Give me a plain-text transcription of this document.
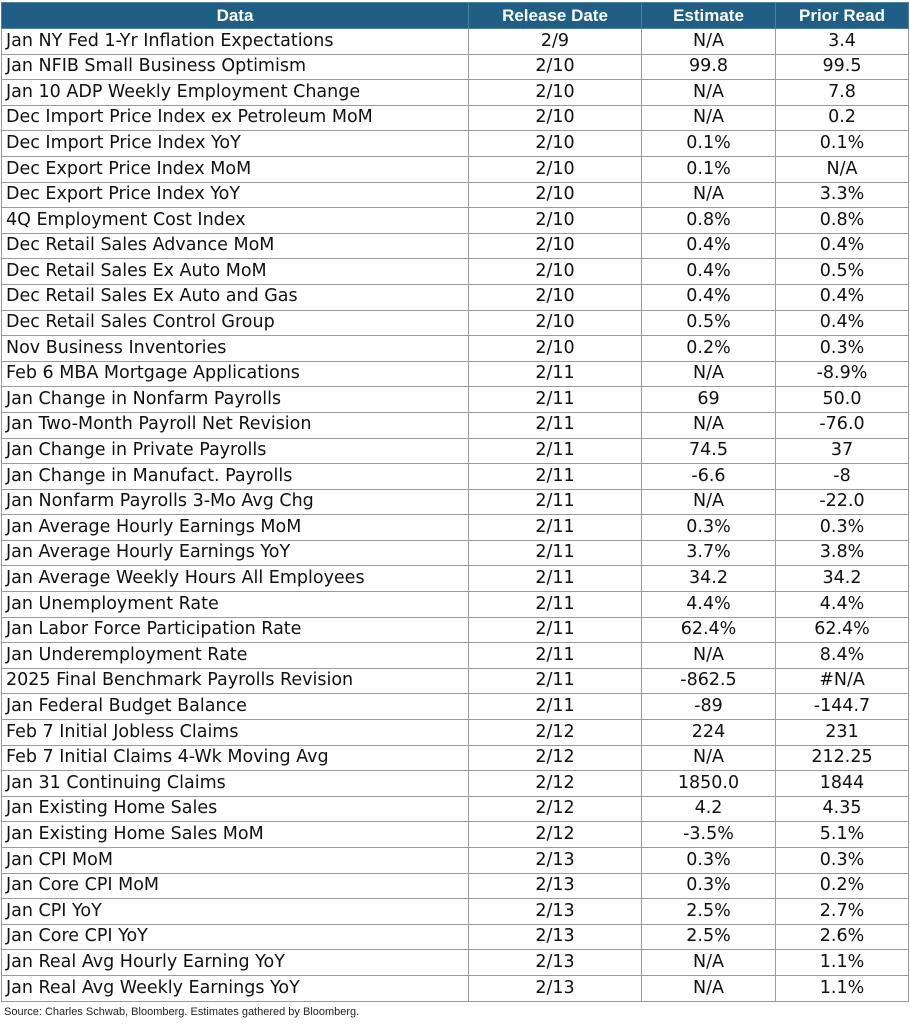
Data	Release Date	Estimate	Prior Read
Jan NY Fed 1-Yr Inflation Expectations	2/9	N/A	3.4
Jan NFIB Small Business Optimism	2/10	99.8	99.5
Jan 10 ADP Weekly Employment Change	2/10	N/A	7.8
Dec Import Price Index ex Petroleum MoM	2/10	N/A	0.2
Dec Import Price Index YoY	2/10	0.1%	0.1%
Dec Export Price Index MoM	2/10	0.1%	N/A
Dec Export Price Index YoY	2/10	N/A	3.3%
4Q Employment Cost Index	2/10	0.8%	0.8%
Dec Retail Sales Advance MoM	2/10	0.4%	0.4%
Dec Retail Sales Ex Auto MoM	2/10	0.4%	0.5%
Dec Retail Sales Ex Auto and Gas	2/10	0.4%	0.4%
Dec Retail Sales Control Group	2/10	0.5%	0.4%
Nov Business Inventories	2/10	0.2%	0.3%
Feb 6 MBA Mortgage Applications	2/11	N/A	-8.9%
Jan Change in Nonfarm Payrolls	2/11	69	50.0
Jan Two-Month Payroll Net Revision	2/11	N/A	-76.0
Jan Change in Private Payrolls	2/11	74.5	37
Jan Change in Manufact. Payrolls	2/11	-6.6	-8
Jan Nonfarm Payrolls 3-Mo Avg Chg	2/11	N/A	-22.0
Jan Average Hourly Earnings MoM	2/11	0.3%	0.3%
Jan Average Hourly Earnings YoY	2/11	3.7%	3.8%
Jan Average Weekly Hours All Employees	2/11	34.2	34.2
Jan Unemployment Rate	2/11	4.4%	4.4%
Jan Labor Force Participation Rate	2/11	62.4%	62.4%
Jan Underemployment Rate	2/11	N/A	8.4%
2025 Final Benchmark Payrolls Revision	2/11	-862.5	#N/A
Jan Federal Budget Balance	2/11	-89	-144.7
Feb 7 Initial Jobless Claims	2/12	224	231
Feb 7 Initial Claims 4-Wk Moving Avg	2/12	N/A	212.25
Jan 31 Continuing Claims	2/12	1850.0	1844
Jan Existing Home Sales	2/12	4.2	4.35
Jan Existing Home Sales MoM	2/12	-3.5%	5.1%
Jan CPI MoM	2/13	0.3%	0.3%
Jan Core CPI MoM	2/13	0.3%	0.2%
Jan CPI YoY	2/13	2.5%	2.7%
Jan Core CPI YoY	2/13	2.5%	2.6%
Jan Real Avg Hourly Earning YoY	2/13	N/A	1.1%
Jan Real Avg Weekly Earnings YoY	2/13	N/A	1.1%
Source: Charles Schwab, Bloomberg. Estimates gathered by Bloomberg.
